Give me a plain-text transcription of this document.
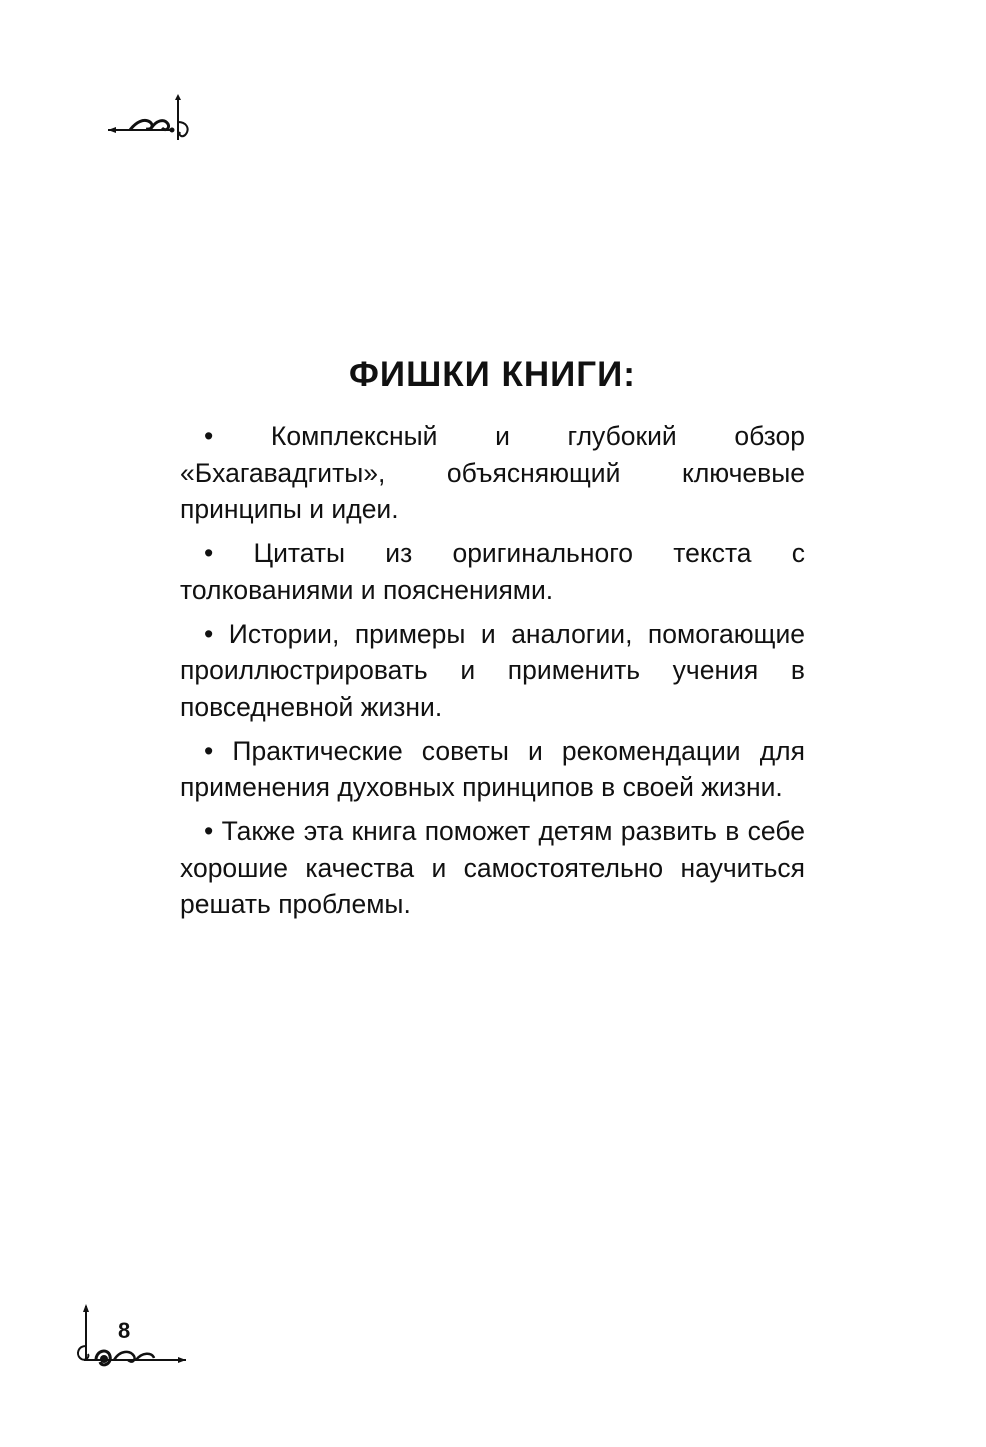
ФИШКИ КНИГИ:
• Комплексный и глубокий обзор «Бхагавадгиты», объясняющий ключевые принципы и идеи.
• Цитаты из оригинального текста с толкованиями и пояснениями.
• Истории, примеры и аналогии, помогающие проиллюстрировать и применить учения в повседневной жизни.
• Практические советы и рекомендации для применения духовных принципов в своей жизни.
• Также эта книга поможет детям развить в себе хорошие качества и самостоятельно научиться решать проблемы.
8
